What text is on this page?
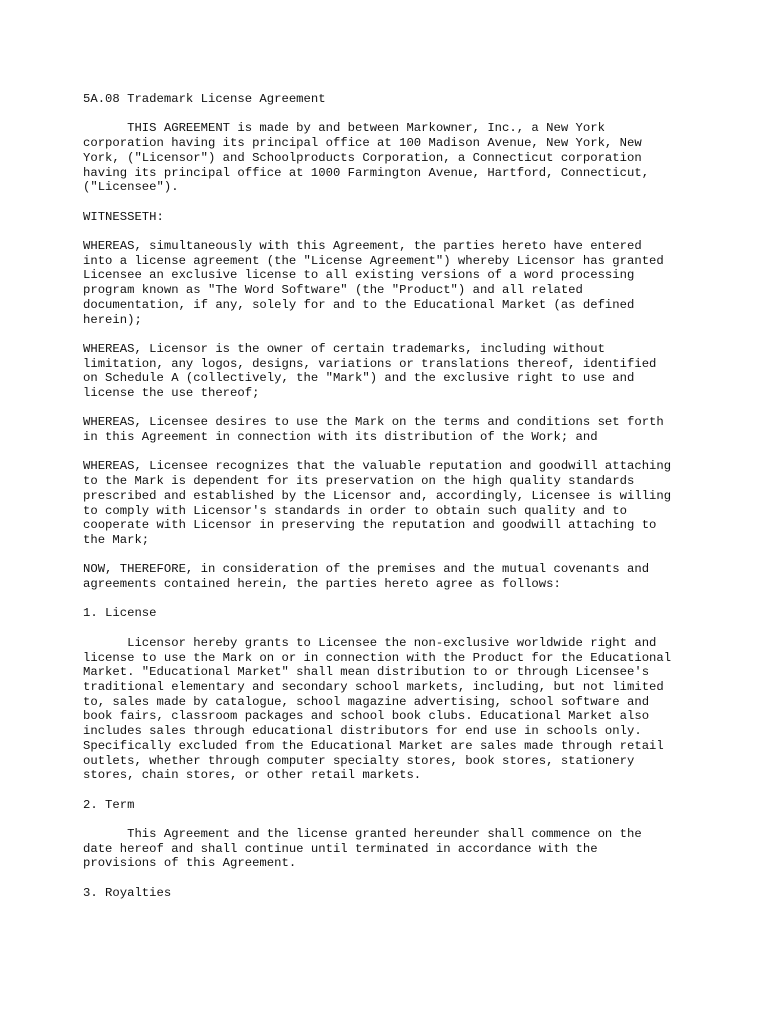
5A.08 Trademark License Agreement

THIS AGREEMENT is made by and between Markowner, Inc., a New York
corporation having its principal office at 100 Madison Avenue, New York, New
York, ("Licensor") and Schoolproducts Corporation, a Connecticut corporation
having its principal office at 1000 Farmington Avenue, Hartford, Connecticut,
("Licensee").

WITNESSETH:

WHEREAS, simultaneously with this Agreement, the parties hereto have entered
into a license agreement (the "License Agreement") whereby Licensor has granted
Licensee an exclusive license to all existing versions of a word processing
program known as "The Word Software" (the "Product") and all related
documentation, if any, solely for and to the Educational Market (as defined
herein);

WHEREAS, Licensor is the owner of certain trademarks, including without
limitation, any logos, designs, variations or translations thereof, identified
on Schedule A (collectively, the "Mark") and the exclusive right to use and
license the use thereof;

WHEREAS, Licensee desires to use the Mark on the terms and conditions set forth
in this Agreement in connection with its distribution of the Work; and

WHEREAS, Licensee recognizes that the valuable reputation and goodwill attaching
to the Mark is dependent for its preservation on the high quality standards
prescribed and established by the Licensor and, accordingly, Licensee is willing
to comply with Licensor's standards in order to obtain such quality and to
cooperate with Licensor in preserving the reputation and goodwill attaching to
the Mark;

NOW, THEREFORE, in consideration of the premises and the mutual covenants and
agreements contained herein, the parties hereto agree as follows:

1. License

Licensor hereby grants to Licensee the non-exclusive worldwide right and
license to use the Mark on or in connection with the Product for the Educational
Market. "Educational Market" shall mean distribution to or through Licensee's
traditional elementary and secondary school markets, including, but not limited
to, sales made by catalogue, school magazine advertising, school software and
book fairs, classroom packages and school book clubs. Educational Market also
includes sales through educational distributors for end use in schools only.
Specifically excluded from the Educational Market are sales made through retail
outlets, whether through computer specialty stores, book stores, stationery
stores, chain stores, or other retail markets.

2. Term

This Agreement and the license granted hereunder shall commence on the
date hereof and shall continue until terminated in accordance with the
provisions of this Agreement.

3. Royalties
